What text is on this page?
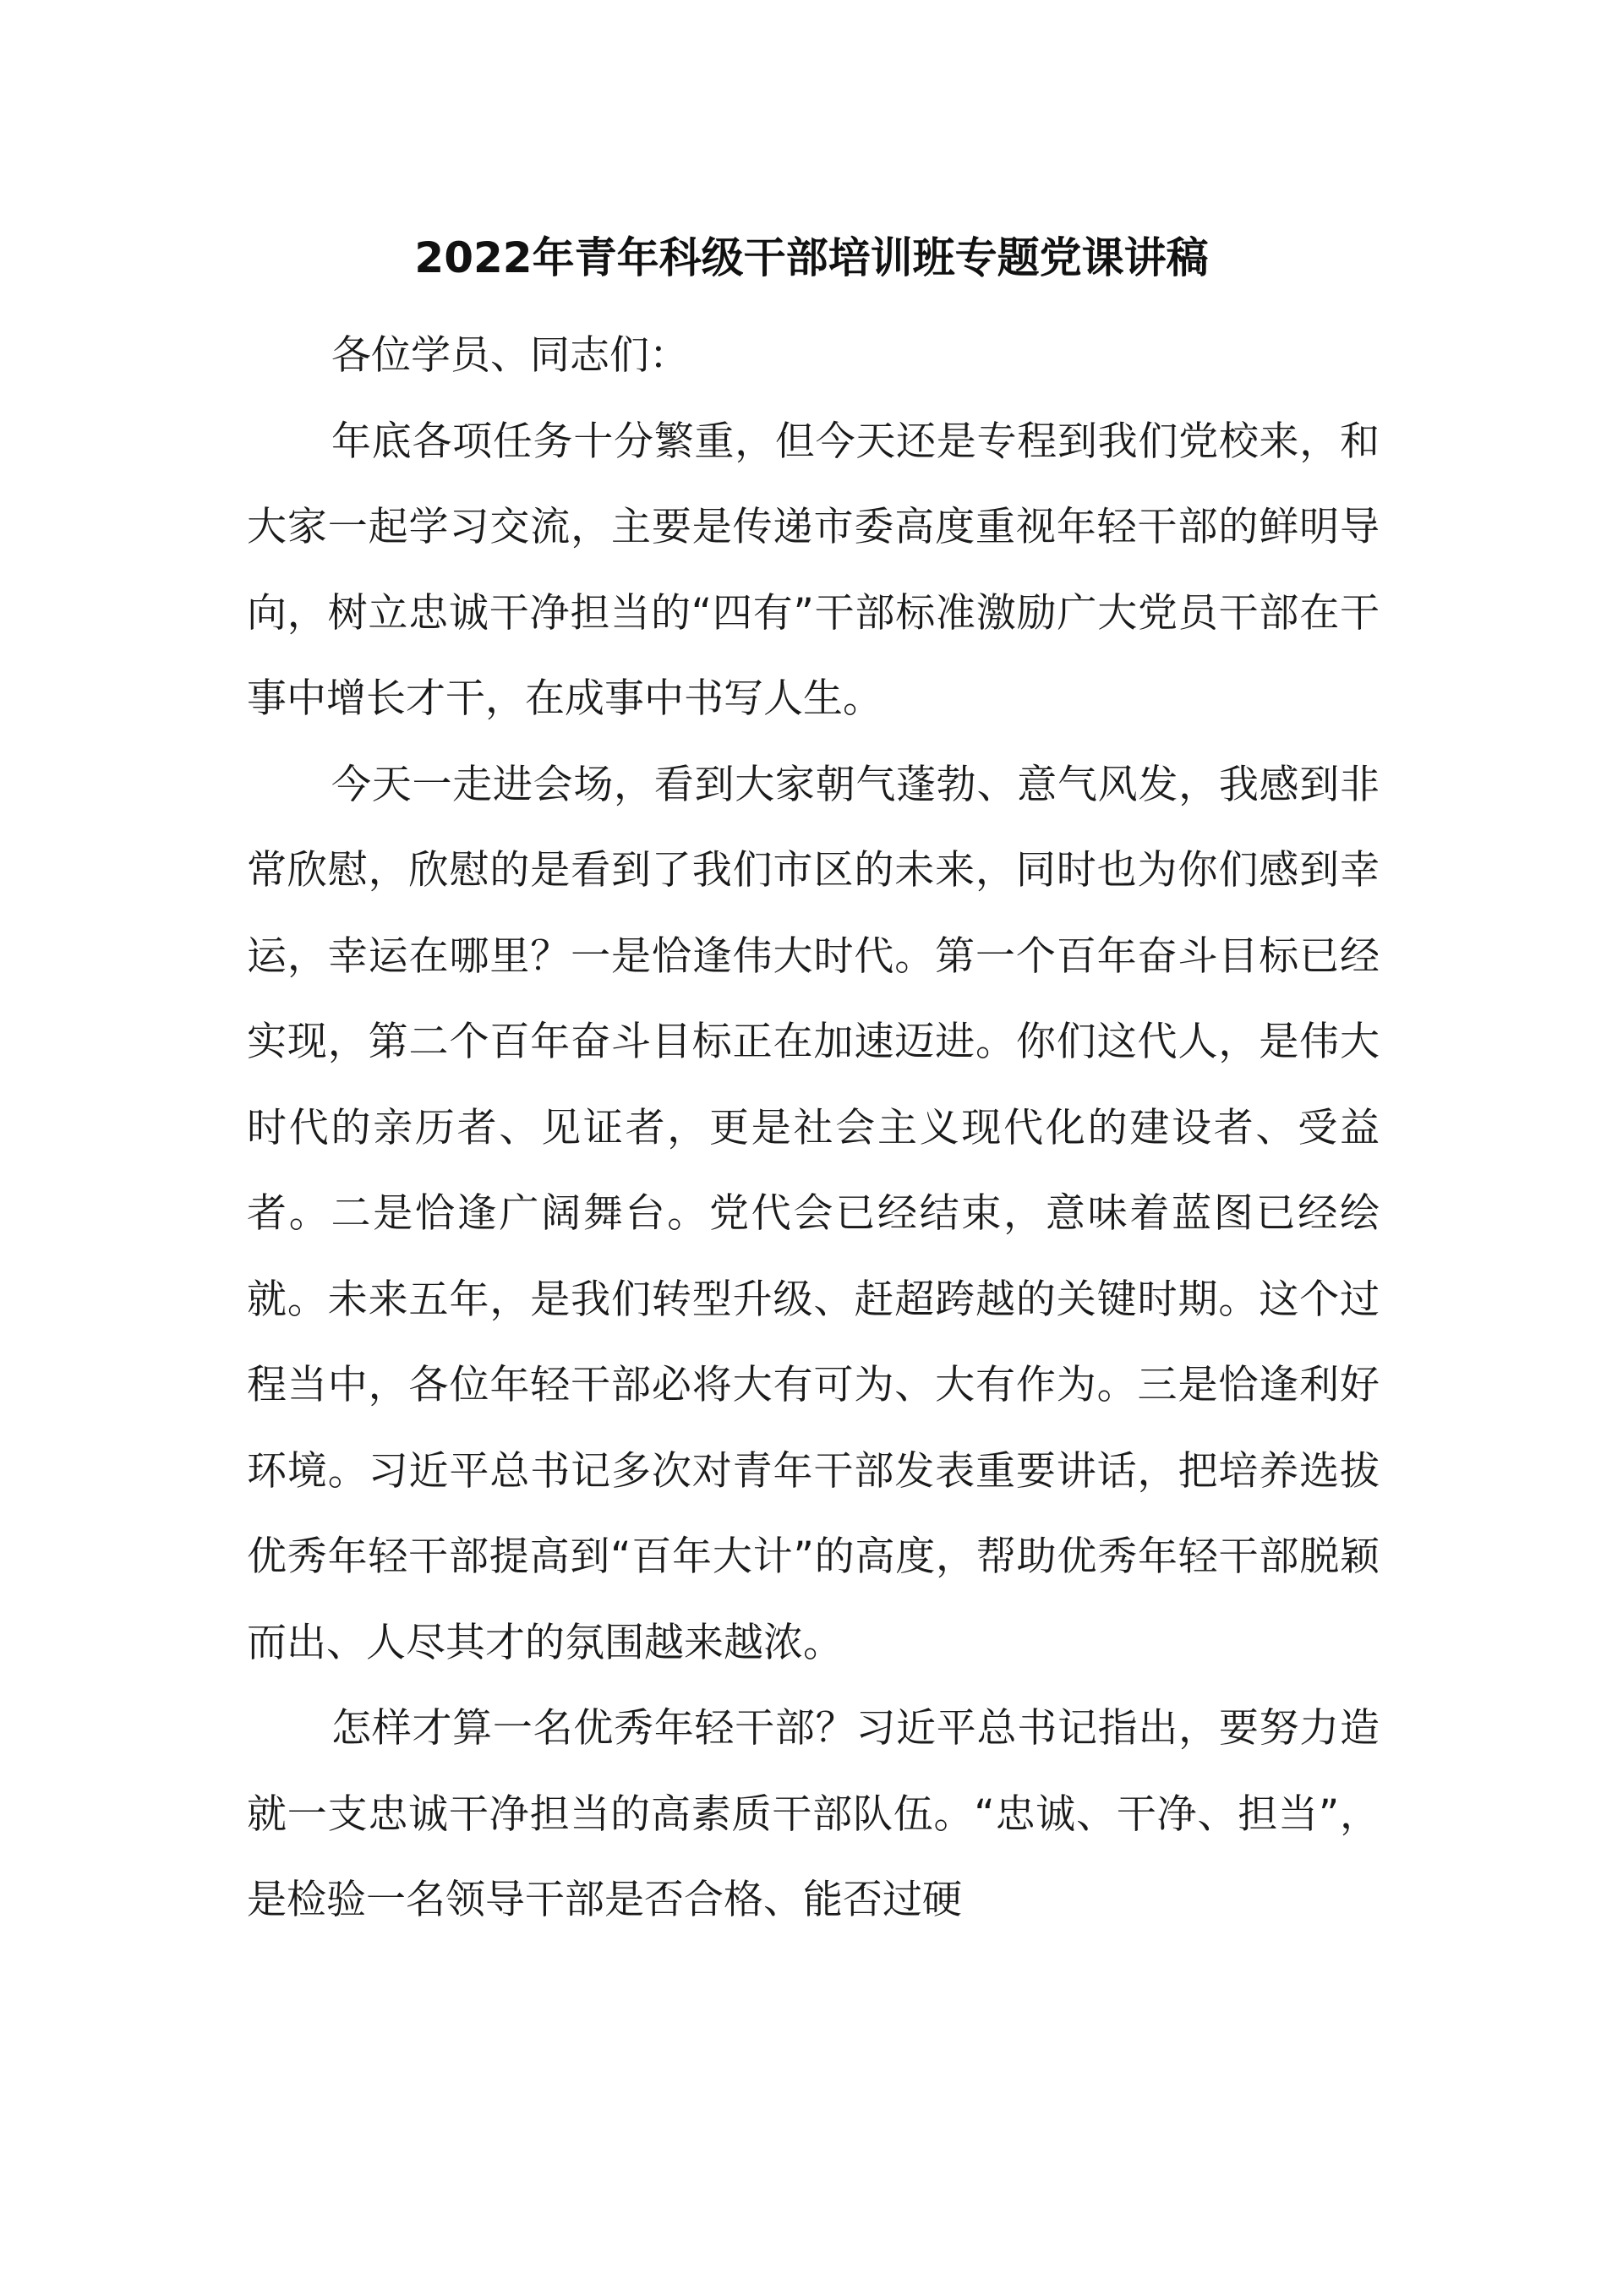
2022年青年科级干部培训班专题党课讲稿

各位学员、同志们：

年底各项任务十分繁重，但今天还是专程到我们党校来，和大家一起学习交流，主要是传递市委高度重视年轻干部的鲜明导向，树立忠诚干净担当的“四有”干部标准激励广大党员干部在干事中增长才干，在成事中书写人生。

今天一走进会场，看到大家朝气蓬勃、意气风发，我感到非常欣慰，欣慰的是看到了我们市区的未来，同时也为你们感到幸运，幸运在哪里？一是恰逢伟大时代。第一个百年奋斗目标已经实现，第二个百年奋斗目标正在加速迈进。你们这代人，是伟大时代的亲历者、见证者，更是社会主义现代化的建设者、受益者。二是恰逢广阔舞台。党代会已经结束，意味着蓝图已经绘就。未来五年，是我们转型升级、赶超跨越的关键时期。这个过程当中，各位年轻干部必将大有可为、大有作为。三是恰逢利好环境。习近平总书记多次对青年干部发表重要讲话，把培养选拔优秀年轻干部提高到“百年大计”的高度，帮助优秀年轻干部脱颖而出、人尽其才的氛围越来越浓。

怎样才算一名优秀年轻干部？习近平总书记指出，要努力造就一支忠诚干净担当的高素质干部队伍。“忠诚、干净、担当”，是检验一名领导干部是否合格、能否过硬
